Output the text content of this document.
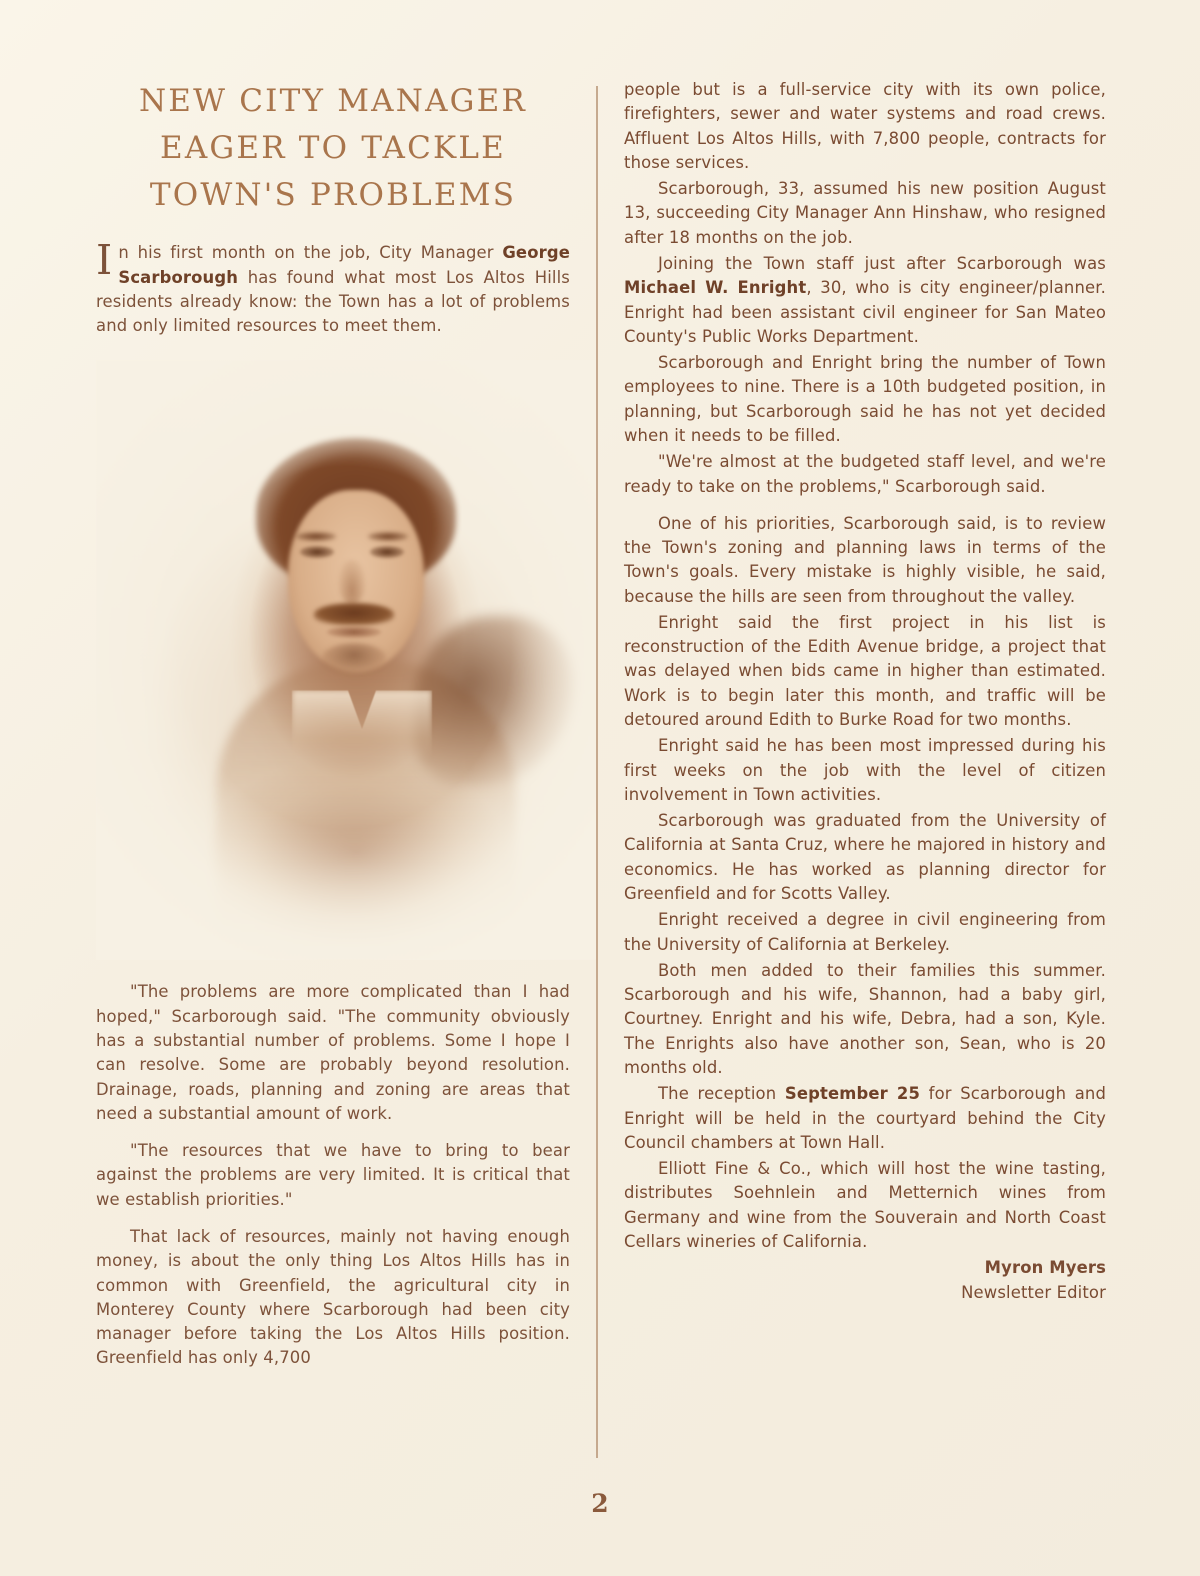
NEW CITY MANAGER
EAGER TO TACKLE
TOWN'S PROBLEMS

In his first month on the job, City Manager George Scarborough has found what most Los Altos Hills residents already know: the Town has a lot of problems and only limited resources to meet them.

"The problems are more complicated than I had hoped," Scarborough said. "The community obviously has a substantial number of problems. Some I hope I can resolve. Some are probably beyond resolution. Drainage, roads, planning and zoning are areas that need a substantial amount of work.

"The resources that we have to bring to bear against the problems are very limited. It is critical that we establish priorities."

That lack of resources, mainly not having enough money, is about the only thing Los Altos Hills has in common with Greenfield, the agricultural city in Monterey County where Scarborough had been city manager before taking the Los Altos Hills position. Greenfield has only 4,700

people but is a full-service city with its own police, firefighters, sewer and water systems and road crews. Affluent Los Altos Hills, with 7,800 people, contracts for those services.

Scarborough, 33, assumed his new position August 13, succeeding City Manager Ann Hinshaw, who resigned after 18 months on the job.

Joining the Town staff just after Scarborough was Michael W. Enright, 30, who is city engineer/planner. Enright had been assistant civil engineer for San Mateo County's Public Works Department.

Scarborough and Enright bring the number of Town employees to nine. There is a 10th budgeted position, in planning, but Scarborough said he has not yet decided when it needs to be filled.

"We're almost at the budgeted staff level, and we're ready to take on the problems," Scarborough said.

One of his priorities, Scarborough said, is to review the Town's zoning and planning laws in terms of the Town's goals. Every mistake is highly visible, he said, because the hills are seen from throughout the valley.

Enright said the first project in his list is reconstruction of the Edith Avenue bridge, a project that was delayed when bids came in higher than estimated. Work is to begin later this month, and traffic will be detoured around Edith to Burke Road for two months.

Enright said he has been most impressed during his first weeks on the job with the level of citizen involvement in Town activities.

Scarborough was graduated from the University of California at Santa Cruz, where he majored in history and economics. He has worked as planning director for Greenfield and for Scotts Valley.

Enright received a degree in civil engineering from the University of California at Berkeley.

Both men added to their families this summer. Scarborough and his wife, Shannon, had a baby girl, Courtney. Enright and his wife, Debra, had a son, Kyle. The Enrights also have another son, Sean, who is 20 months old.

The reception September 25 for Scarborough and Enright will be held in the courtyard behind the City Council chambers at Town Hall.

Elliott Fine & Co., which will host the wine tasting, distributes Soehnlein and Metternich wines from Germany and wine from the Souverain and North Coast Cellars wineries of California.

Myron Myers

Newsletter Editor

2
